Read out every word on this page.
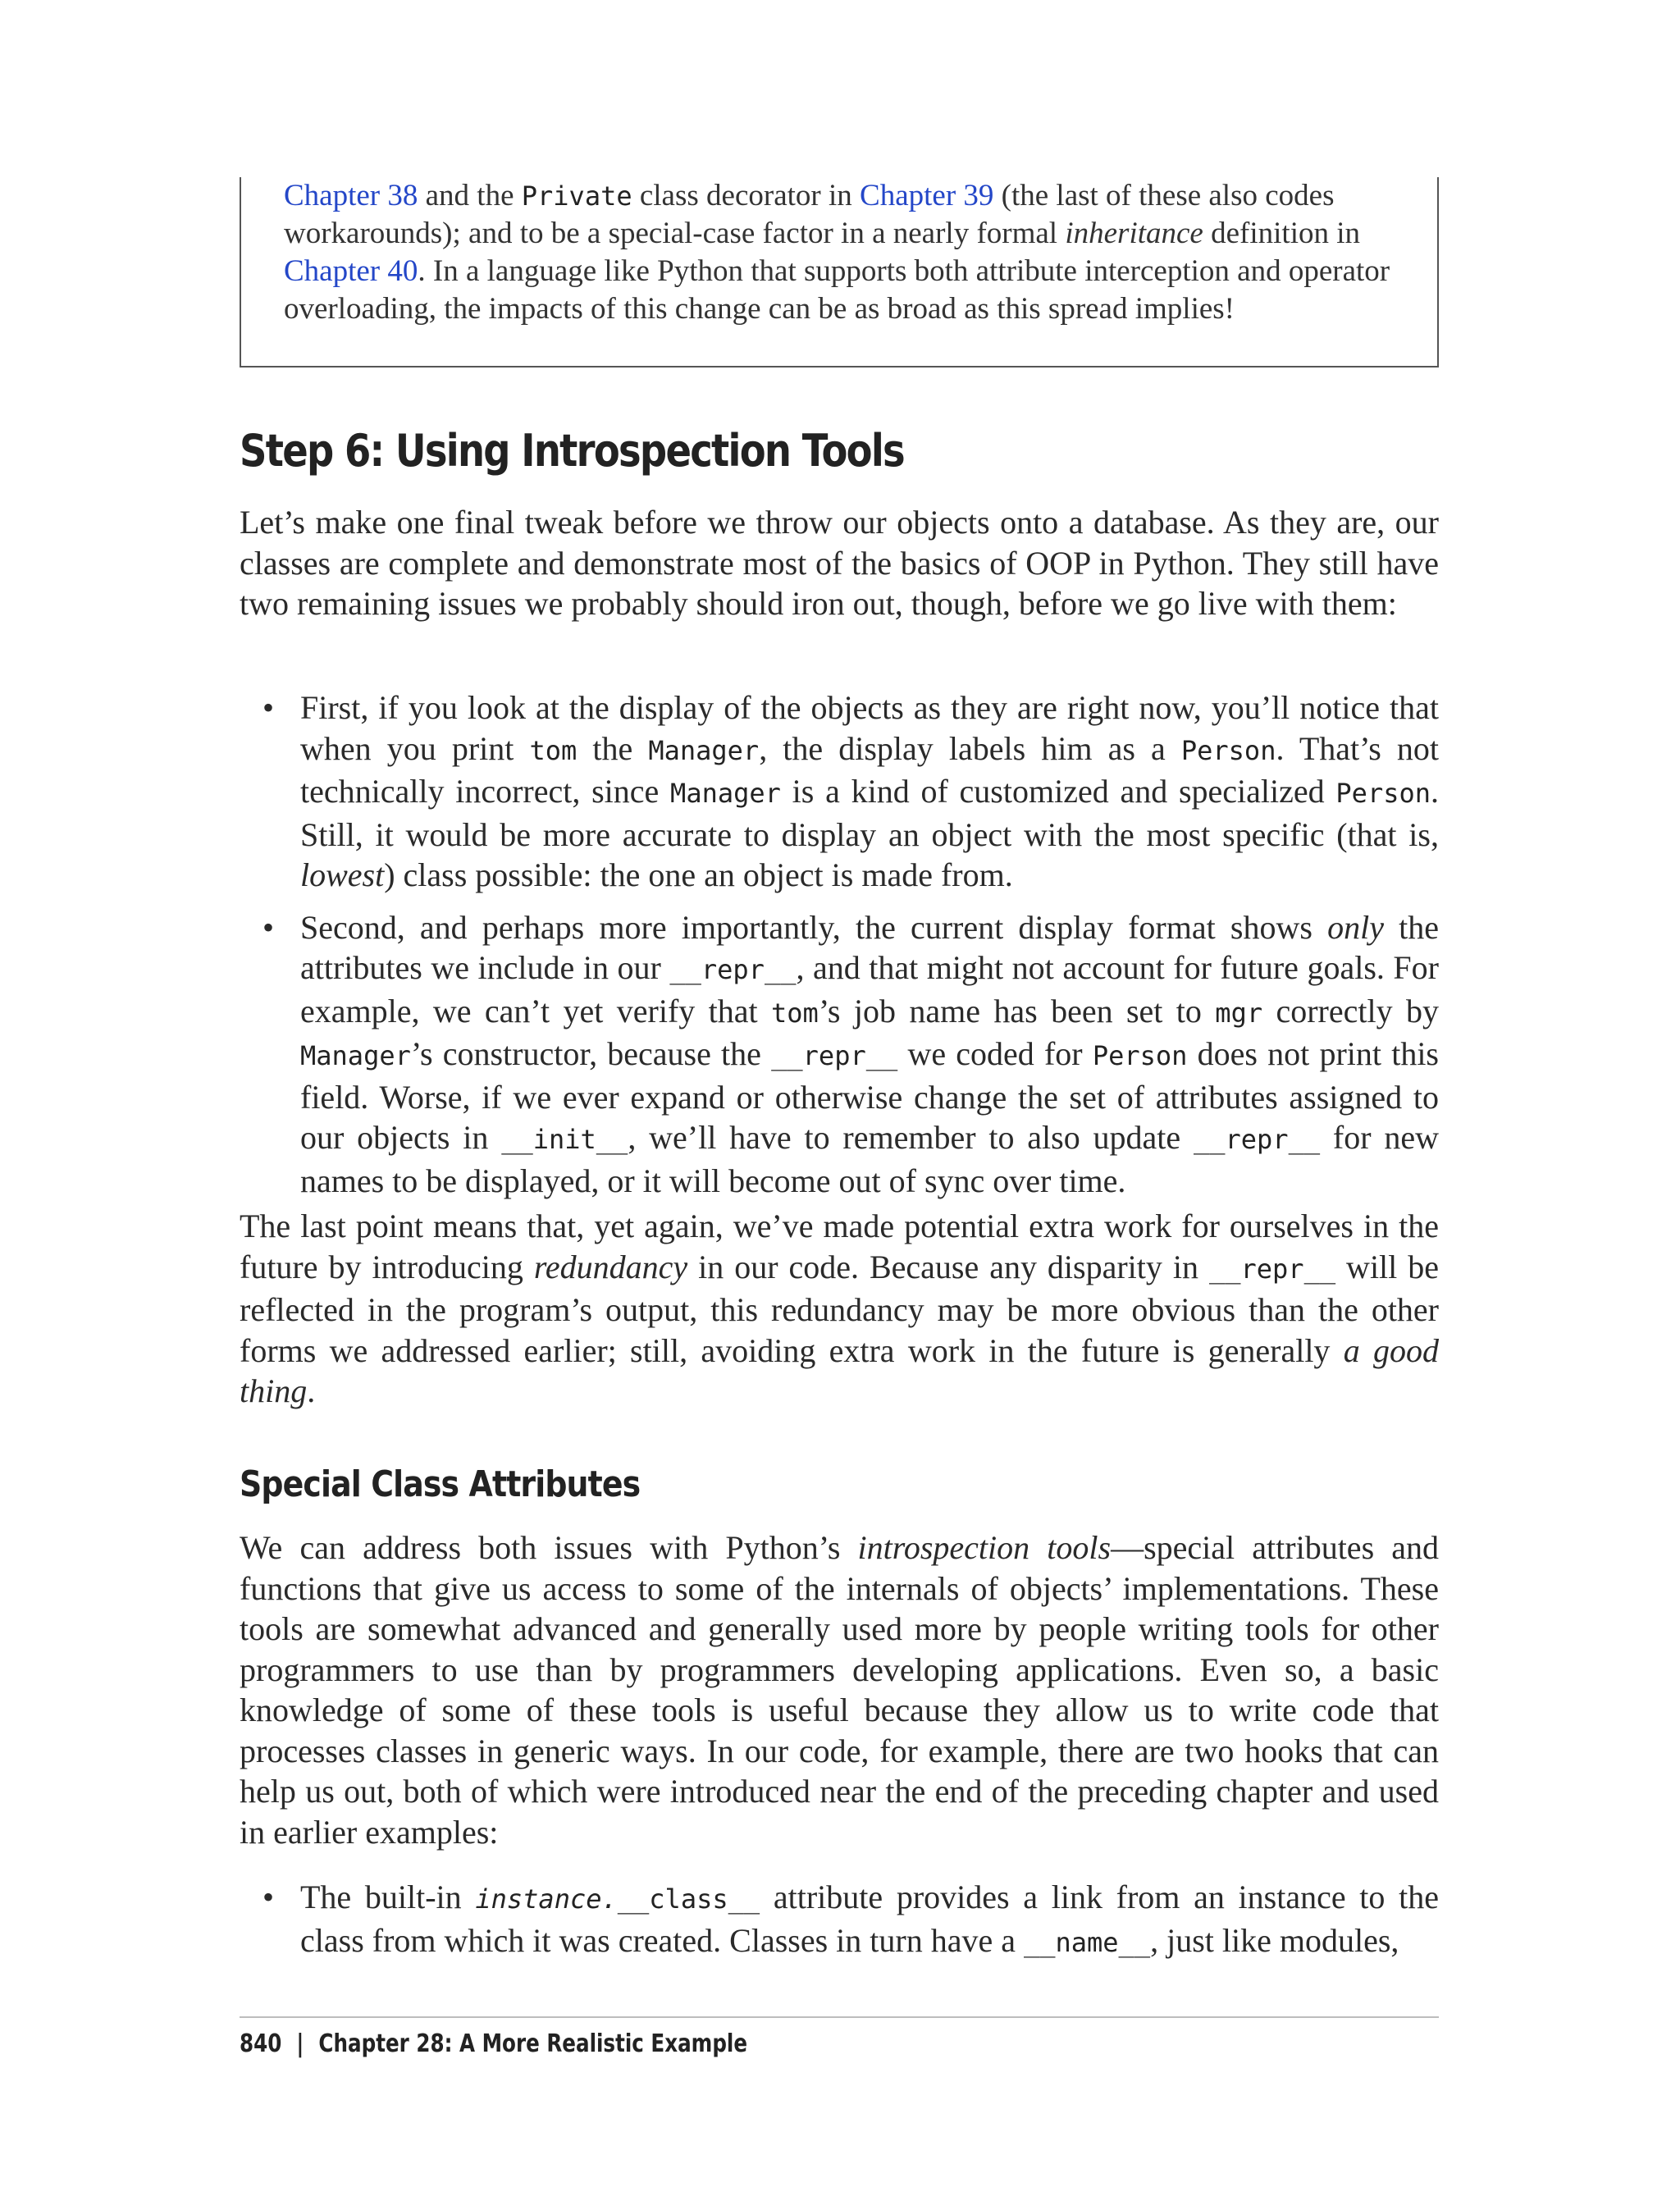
Chapter 38 and the Private class decorator in Chapter 39 (the last of these also codes workarounds); and to be a special-case factor in a nearly formal inheritance definition in Chapter 40. In a language like Python that supports both attribute interception and operator overloading, the impacts of this change can be as broad as this spread implies!

Step 6: Using Introspection Tools

Let’s make one final tweak before we throw our objects onto a database. As they are, our classes are complete and demonstrate most of the basics of OOP in Python. They still have two remaining issues we probably should iron out, though, before we go live with them:

• First, if you look at the display of the objects as they are right now, you’ll notice that when you print tom the Manager, the display labels him as a Person. That’s not technically incorrect, since Manager is a kind of customized and specialized Person. Still, it would be more accurate to display an object with the most specific (that is, lowest) class possible: the one an object is made from.
• Second, and perhaps more importantly, the current display format shows only the attributes we include in our __repr__, and that might not account for future goals. For example, we can’t yet verify that tom’s job name has been set to mgr correctly by Manager’s constructor, because the __repr__ we coded for Person does not print this field. Worse, if we ever expand or otherwise change the set of attributes assigned to our objects in __init__, we’ll have to remember to also update __repr__ for new names to be displayed, or it will become out of sync over time.

The last point means that, yet again, we’ve made potential extra work for ourselves in the future by introducing redundancy in our code. Because any disparity in __repr__ will be reflected in the program’s output, this redundancy may be more obvious than the other forms we addressed earlier; still, avoiding extra work in the future is generally a good thing.

Special Class Attributes

We can address both issues with Python’s introspection tools—special attributes and functions that give us access to some of the internals of objects’ implementations. These tools are somewhat advanced and generally used more by people writing tools for other programmers to use than by programmers developing applications. Even so, a basic knowledge of some of these tools is useful because they allow us to write code that processes classes in generic ways. In our code, for example, there are two hooks that can help us out, both of which were introduced near the end of the preceding chapter and used in earlier examples:

• The built-in instance.__class__ attribute provides a link from an instance to the class from which it was created. Classes in turn have a __name__, just like modules,
840 | Chapter 28: A More Realistic Example
